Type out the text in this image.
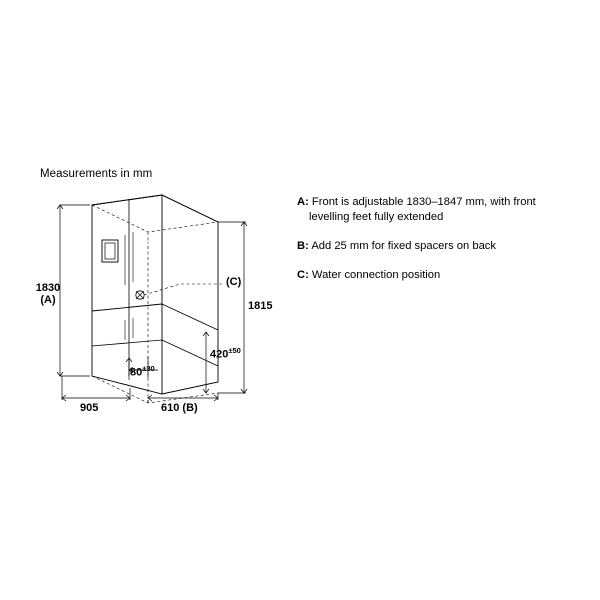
Measurements in mm
A: Front is adjustable 1830–1847 mm, with front levelling feet fully extended
B: Add 25 mm for fixed spacers on back
C: Water connection position
1830
(A)	1815
905	610 (B)
$420^{\pm 50}$
$80^{\pm 30}$
(C)
